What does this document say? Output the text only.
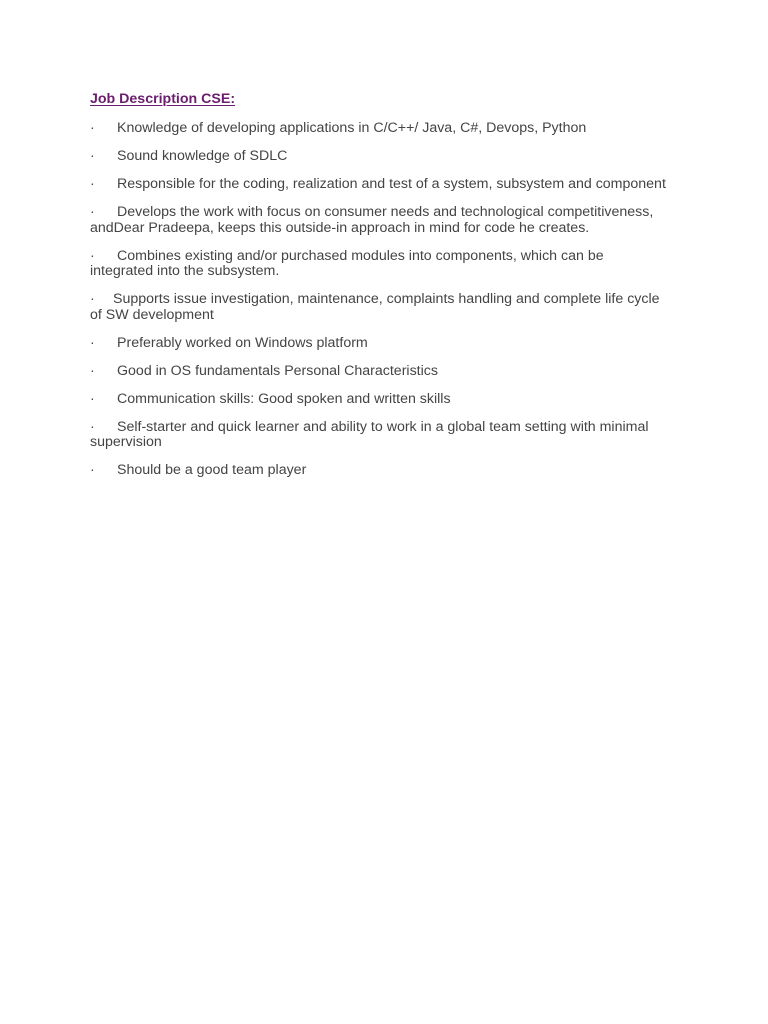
Job Description CSE:
· Knowledge of developing applications in C/C++/ Java, C#, Devops, Python
· Sound knowledge of SDLC
· Responsible for the coding, realization and test of a system, subsystem and component
· Develops the work with focus on consumer needs and technological competitiveness, andDear Pradeepa, keeps this outside-in approach in mind for code he creates.
· Combines existing and/or purchased modules into components, which can be integrated into the subsystem.
· Supports issue investigation, maintenance, complaints handling and complete life cycle of SW development
· Preferably worked on Windows platform
· Good in OS fundamentals Personal Characteristics
· Communication skills: Good spoken and written skills
· Self-starter and quick learner and ability to work in a global team setting with minimal supervision
· Should be a good team player
